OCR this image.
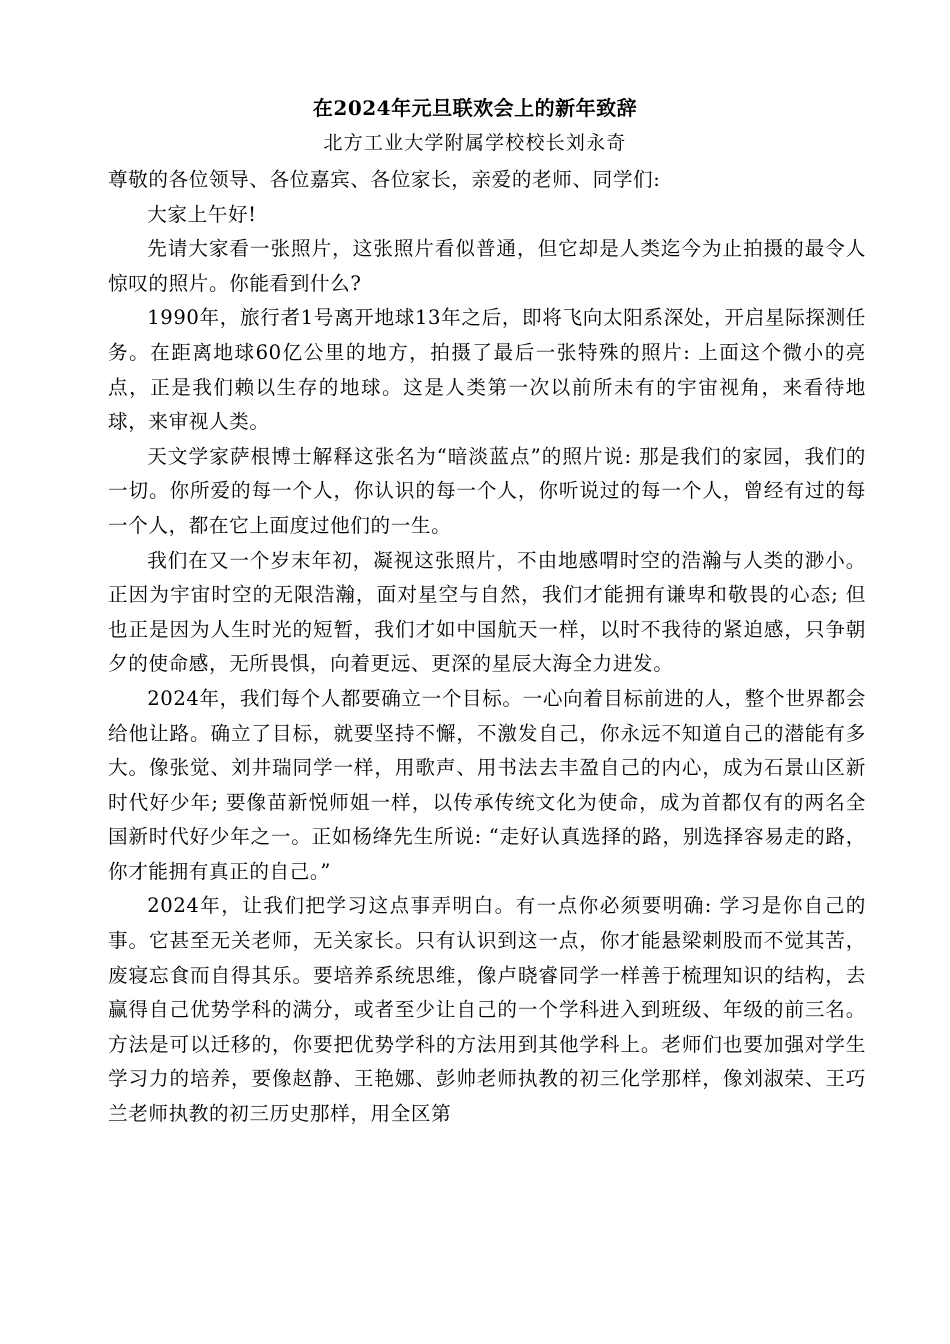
在2024年元旦联欢会上的新年致辞
北方工业大学附属学校校长刘永奇

尊敬的各位领导、各位嘉宾、各位家长，亲爱的老师、同学们:

大家上午好!

先请大家看一张照片，这张照片看似普通，但它却是人类迄今为止拍摄的最令人惊叹的照片。你能看到什么?

1990年，旅行者1号离开地球13年之后，即将飞向太阳系深处，开启星际探测任务。在距离地球60亿公里的地方，拍摄了最后一张特殊的照片: 上面这个微小的亮点，正是我们赖以生存的地球。这是人类第一次以前所未有的宇宙视角，来看待地球，来审视人类。

天文学家萨根博士解释这张名为“暗淡蓝点”的照片说: 那是我们的家园，我们的一切。你所爱的每一个人，你认识的每一个人，你听说过的每一个人，曾经有过的每一个人，都在它上面度过他们的一生。

我们在又一个岁末年初，凝视这张照片，不由地感喟时空的浩瀚与人类的渺小。正因为宇宙时空的无限浩瀚，面对星空与自然，我们才能拥有谦卑和敬畏的心态; 但也正是因为人生时光的短暂，我们才如中国航天一样，以时不我待的紧迫感，只争朝夕的使命感，无所畏惧，向着更远、更深的星辰大海全力进发。

2024年，我们每个人都要确立一个目标。一心向着目标前进的人，整个世界都会给他让路。确立了目标，就要坚持不懈，不激发自己，你永远不知道自己的潜能有多大。像张觉、刘井瑞同学一样，用歌声、用书法去丰盈自己的内心，成为石景山区新时代好少年; 要像苗新悦师姐一样，以传承传统文化为使命，成为首都仅有的两名全国新时代好少年之一。正如杨绛先生所说: “走好认真选择的路，别选择容易走的路，你才能拥有真正的自己。”

2024年，让我们把学习这点事弄明白。有一点你必须要明确: 学习是你自己的事。它甚至无关老师，无关家长。只有认识到这一点，你才能悬梁刺股而不觉其苦，废寝忘食而自得其乐。要培养系统思维，像卢晓睿同学一样善于梳理知识的结构，去赢得自己优势学科的满分，或者至少让自己的一个学科进入到班级、年级的前三名。方法是可以迁移的，你要把优势学科的方法用到其他学科上。老师们也要加强对学生学习力的培养，要像赵静、王艳娜、彭帅老师执教的初三化学那样，像刘淑荣、王巧兰老师执教的初三历史那样，用全区第
